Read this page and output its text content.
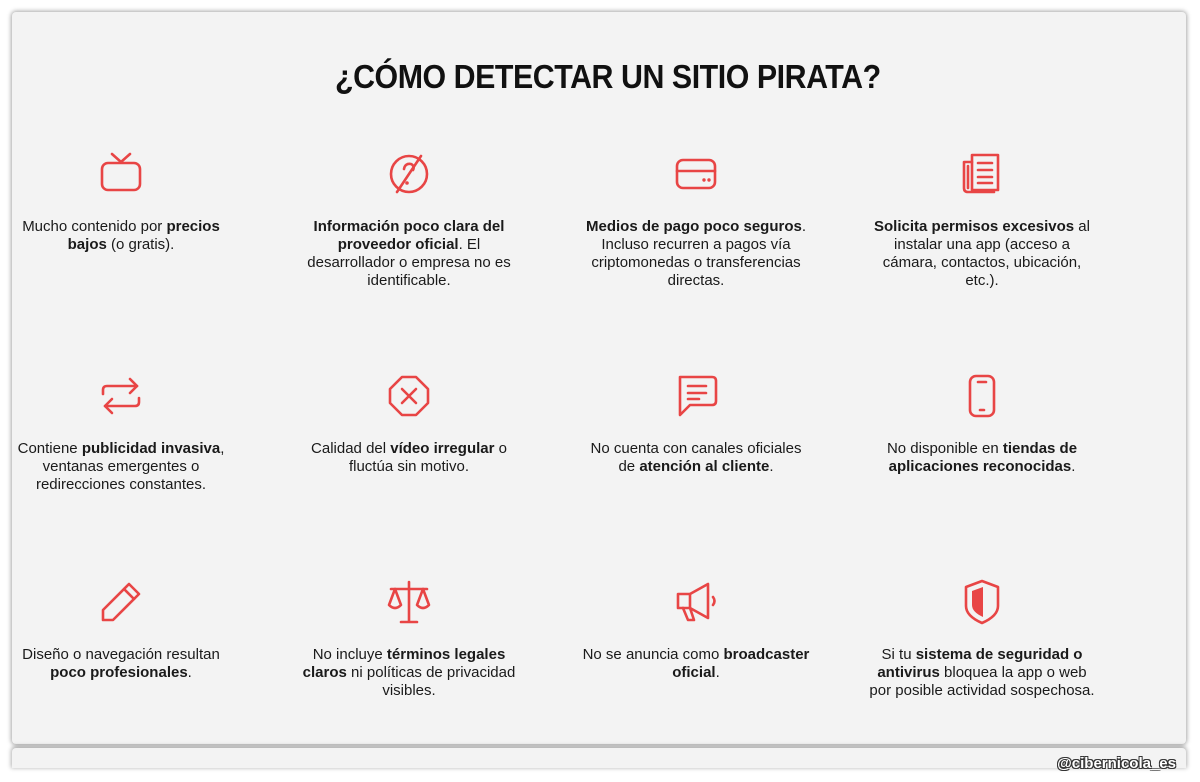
¿CÓMO DETECTAR UN SITIO PIRATA?
Mucho contenido por precios bajos (o gratis).
Información poco clara del proveedor oficial. El desarrollador o empresa no es identificable.
Medios de pago poco seguros. Incluso recurren a pagos vía criptomonedas o transferencias directas.
Solicita permisos excesivos al instalar una app (acceso a cámara, contactos, ubicación, etc.).
Contiene publicidad invasiva, ventanas emergentes o redirecciones constantes.
Calidad del vídeo irregular o fluctúa sin motivo.
No cuenta con canales oficiales de atención al cliente.
No disponible en tiendas de aplicaciones reconocidas.
Diseño o navegación resultan poco profesionales.
No incluye términos legales claros ni políticas de privacidad visibles.
No se anuncia como broadcaster oficial.
Si tu sistema de seguridad o antivirus bloquea la app o web por posible actividad sospechosa.
@cibernicola_es
